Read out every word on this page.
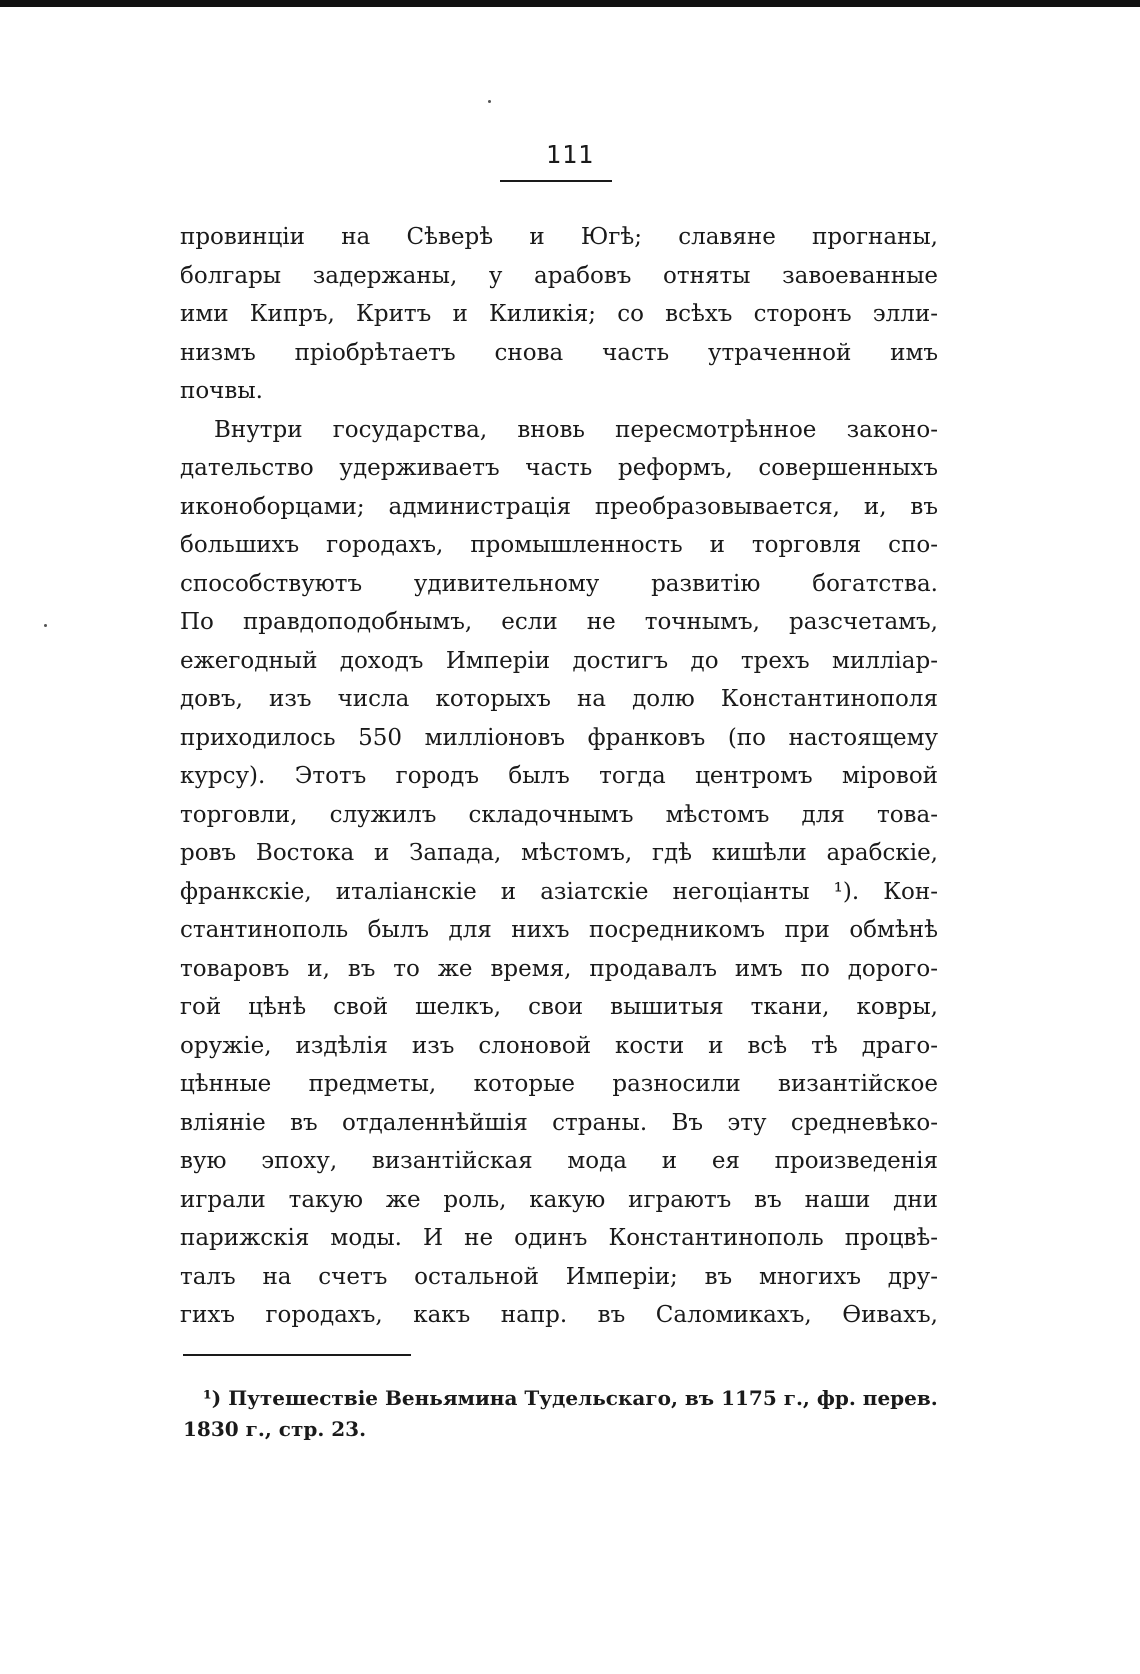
111
провинціи на Сѣверѣ и Югѣ; славяне прогнаны,
болгары задержаны, у арабовъ отняты завоеванные
ими Кипръ, Критъ и Киликія; со всѣхъ сторонъ элли-
низмъ пріобрѣтаетъ снова часть утраченной имъ
почвы.
Внутри государства, вновь пересмотрѣнное законо-
дательство удерживаетъ часть реформъ, совершенныхъ
иконоборцами; администрація преобразовывается, и, въ
большихъ городахъ, промышленность и торговля спо-
способствуютъ удивительному развитію богатства.
По правдоподобнымъ, если не точнымъ, разсчетамъ,
ежегодный доходъ Имперіи достигъ до трехъ милліар-
довъ, изъ числа которыхъ на долю Константинополя
приходилось 550 милліоновъ франковъ (по настоящему
курсу). Этотъ городъ былъ тогда центромъ міровой
торговли, служилъ складочнымъ мѣстомъ для това-
ровъ Востока и Запада, мѣстомъ, гдѣ кишѣли арабскіе,
франкскіе, италіанскіе и азіатскіе негоціанты ¹). Кон-
стантинополь былъ для нихъ посредникомъ при обмѣнѣ
товаровъ и, въ то же время, продавалъ имъ по дорого-
гой цѣнѣ свой шелкъ, свои вышитыя ткани, ковры,
оружіе, издѣлія изъ слоновой кости и всѣ тѣ драго-
цѣнные предметы, которые разносили византійское
вліяніе въ отдаленнѣйшія страны. Въ эту средневѣко-
вую эпоху, византійская мода и ея произведенія
играли такую же роль, какую играютъ въ наши дни
парижскія моды. И не одинъ Константинополь процвѣ-
талъ на счетъ остальной Имперіи; въ многихъ дру-
гихъ городахъ, какъ напр. въ Саломикахъ, Ѳивахъ,
¹) Путешествіе Веньямина Тудельскаго, въ 1175 г., фр. перев.
1830 г., стр. 23.
